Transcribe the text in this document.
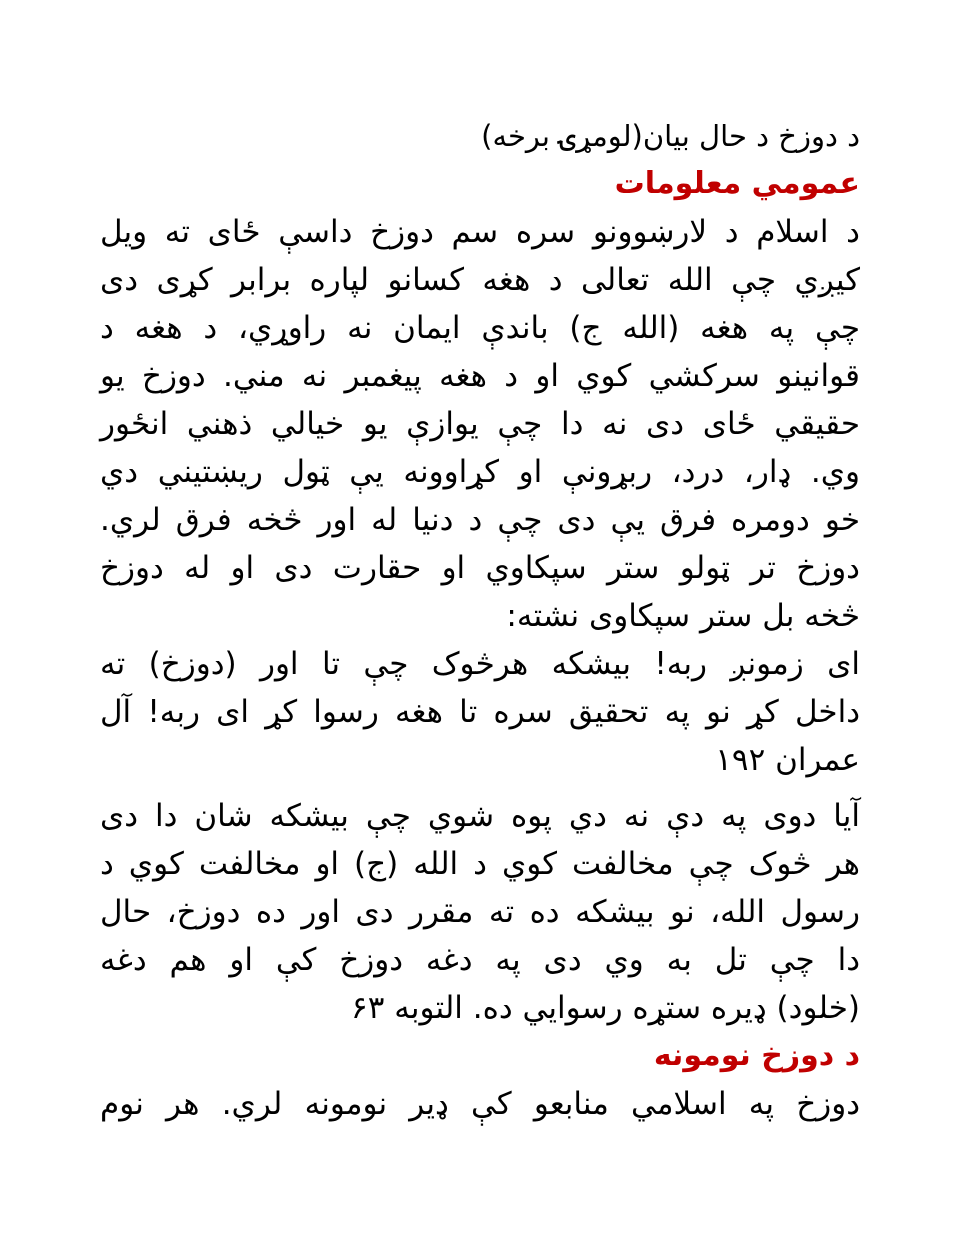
د دوزخ د حال بیان(لومړۍ برخه)
عمومي معلومات
د اسلام د لارښوونو سره سم دوزخ داسې ځای ته ویل
کیږي چې الله تعالی د هغه کسانو لپاره برابر کړی دی
چې په هغه (الله ج) باندې ایمان نه راوړي، د هغه د
قوانینو سرکشي کوي او د هغه پیغمبر نه مني. دوزخ یو
حقیقي ځای دی نه دا چې یوازې یو خیالي ذهني انځور
وي. ډار، درد، ربړونې او کړاوونه یې ټول ریښتیني دي
خو دومره فرق یې دی چې د دنیا له اور څخه فرق لري.
دوزخ تر ټولو ستر سپکاوي او حقارت دی او له دوزخ
څخه بل ستر سپکاوی نشته:
ای زمونږ ربه! بیشکه هرڅوک چې تا اور (دوزخ) ته
داخل کړ نو په تحقیق سره تا هغه رسوا کړ ای ربه! آل
عمران ۱۹۲
آیا دوی په دې نه دي پوه شوي چې بیشکه شان دا دی
هر څوک چې مخالفت کوي د الله (ج) او مخالفت کوي د
رسول الله، نو بیشکه ده ته مقرر دی اور ده دوزخ، حال
دا چې تل به وي دی په دغه دوزخ کې او هم دغه
(خلود) ډیره ستړه رسوايي ده. التوبه ۶۳
د دوزخ نومونه
دوزخ په اسلامي منابعو کې ډیر نومونه لري. هر نوم
